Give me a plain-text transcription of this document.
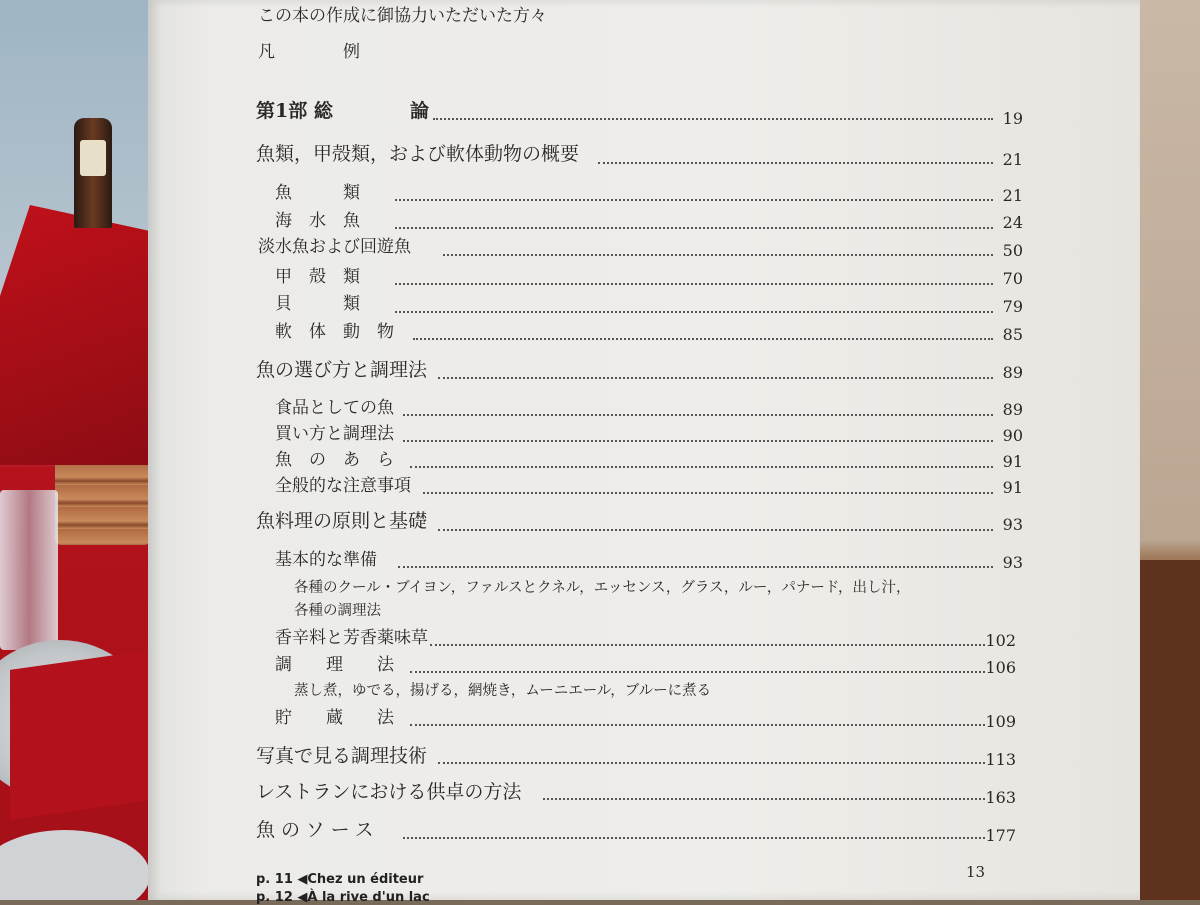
この本の作成に御協力いただいた方々
凡　　　　例
第1部 総	論	19
魚類，甲殻類，および軟体動物の概要	21
魚　　　類	21
海　水　魚	24
淡水魚および回遊魚	50
甲　殻　類	70
貝　　　類	79
軟　体　動　物	85
魚の選び方と調理法	89
食品としての魚	89
買い方と調理法	90
魚　の　あ　ら	91
全般的な注意事項	91
魚料理の原則と基礎	93
基本的な準備	93
各種のクール・ブイヨン，ファルスとクネル，エッセンス，グラス，ルー，パナード，出し汁，
各種の調理法
香辛料と芳香薬味草	102
調　　理　　法	106
蒸し煮，ゆでる，揚げる，網焼き，ムーニエール，ブルーに煮る
貯　　蔵　　法	109
写真で見る調理技術	113
レストランにおける供卓の方法	163
魚のソース	177
p. 11 ◀Chez un éditeur
p. 12 ◀À la rive d'un lac
13
